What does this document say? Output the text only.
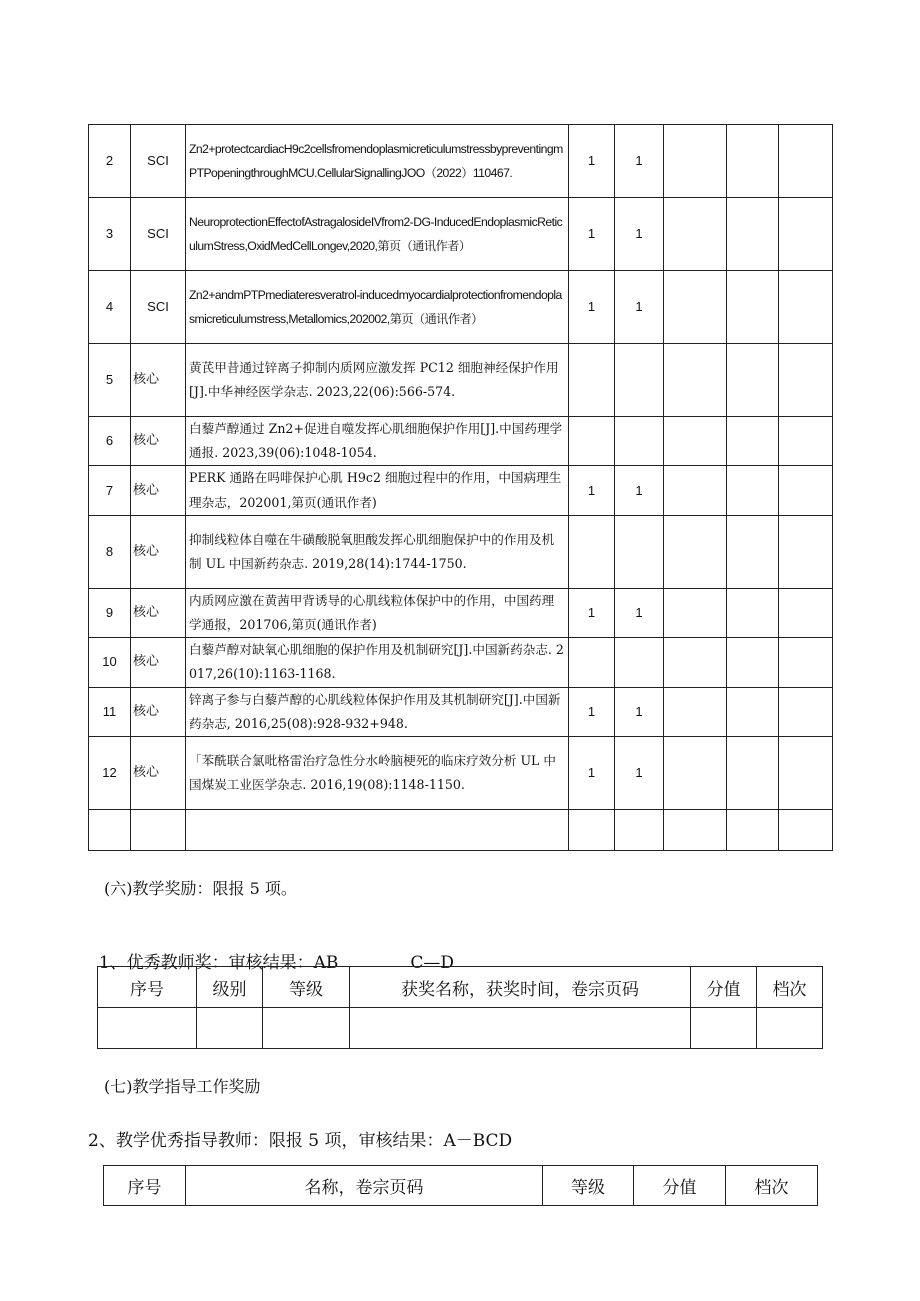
2	SCI	Zn2+protectcardiacH9c2cellsfromendoplasmicreticulumstressbypreventingmPTPopeningthroughMCU.CellularSignallingJOO（2022）110467.	1	1			
3	SCI	NeuroprotectionEffectofAstragalosideIVfrom2-DG-InducedEndoplasmicReticulumStress,OxidMedCellLongev,2020,第页（通讯作者）	1	1			
4	SCI	Zn2+andmPTPmediateresveratrol-inducedmyocardialprotectionfromendoplasmicreticulumstress,Metallomics,202002,第页（通讯作者）	1	1			
5	核心	黄芪甲昔通过锌离子抑制内质网应激发挥 PC12 细胞神经保护作用[J].中华神经医学杂志. 2023,22(06):566-574.					
6	核心	白藜芦醇通过 Zn2+促进自噬发挥心肌细胞保护作用[J].中国药理学通报. 2023,39(06):1048-1054.					
7	核心	PERK 通路在吗啡保护心肌 H9c2 细胞过程中的作用，中国病理生理杂志，202001,第页(通讯作者)	1	1			
8	核心	抑制线粒体自噬在牛磺酸脱氧胆酸发挥心肌细胞保护中的作用及机制 UL 中国新药杂志. 2019,28(14):1744-1750.					
9	核心	内质网应激在黄茜甲背诱导的心肌线粒体保护中的作用，中国药理学通报，201706,第页(通讯作者)	1	1			
10	核心	白藜芦醇对缺氧心肌细胞的保护作用及机制研究[J].中国新药杂志. 2017,26(10):1163-1168.					
11	核心	锌离子参与白藜芦醇的心肌线粒体保护作用及其机制研究[J].中国新药杂志, 2016,25(08):928-932+948.	1	1			
12	核心	「苯酰联合氯吡格雷治疗急性分水岭脑梗死的临床疗效分析 UL 中国煤炭工业医学杂志. 2016,19(08):1148-1150.	1	1			

(六)教学奖励：限报 5 项。

1、优秀教师奖：审核结果：AB	C—D

序号	级别	等级	获奖名称，获奖时间，卷宗页码	分值	档次

(七)教学指导工作奖励
2、教学优秀指导教师：限报 5 项，审核结果：A－BCD
序号	名称，卷宗页码	等级	分值	档次
